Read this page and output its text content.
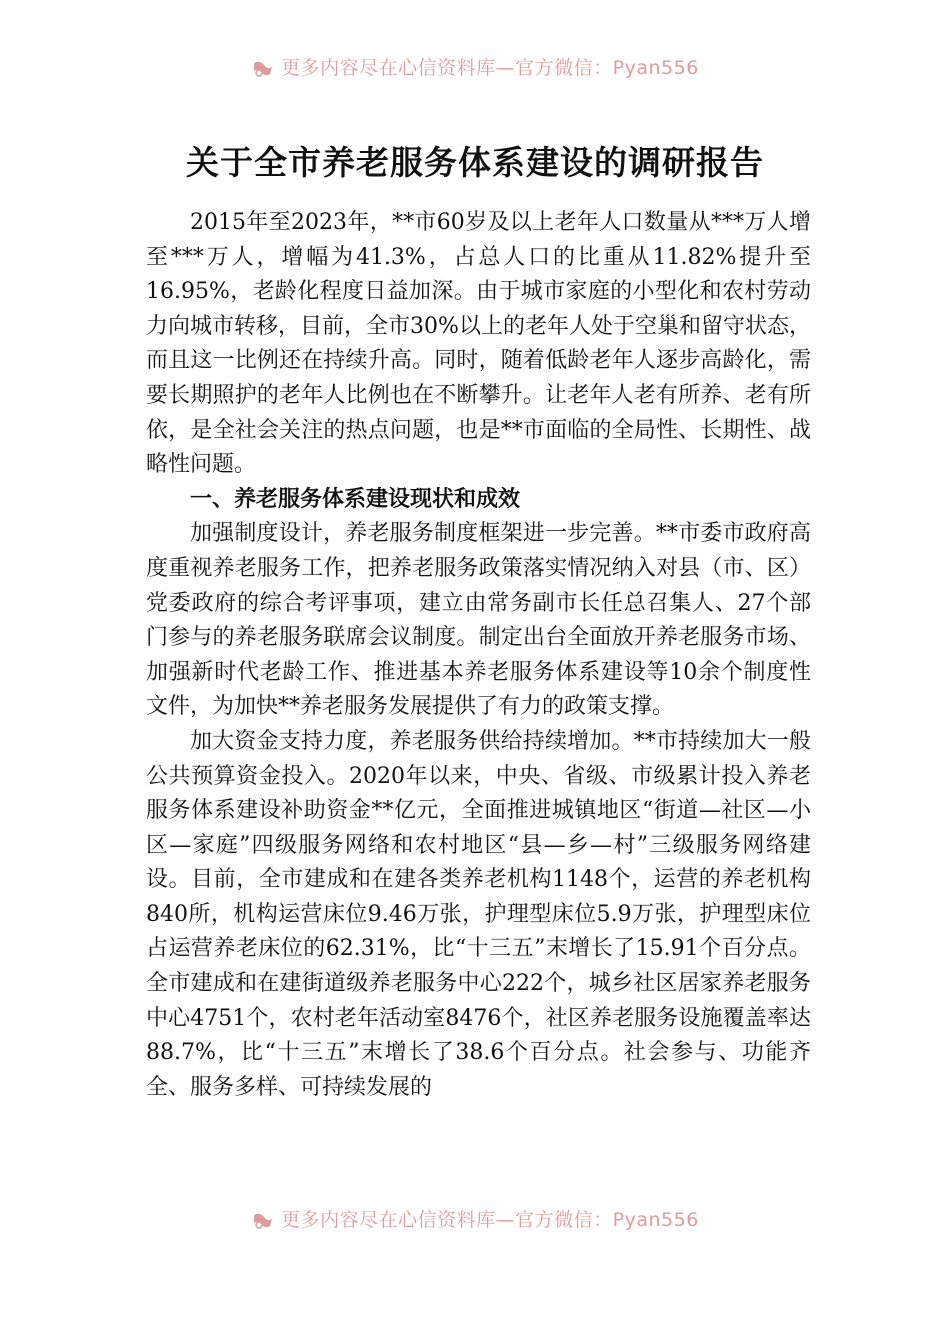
更多内容尽在心信资料库—官方微信：Pyan556
关于全市养老服务体系建设的调研报告

2015年至2023年，**市60岁及以上老年人口数量从***万人增至***万人，增幅为41.3%，占总人口的比重从11.82%提升至16.95%，老龄化程度日益加深。由于城市家庭的小型化和农村劳动力向城市转移，目前，全市30%以上的老年人处于空巢和留守状态，而且这一比例还在持续升高。同时，随着低龄老年人逐步高龄化，需要长期照护的老年人比例也在不断攀升。让老年人老有所养、老有所依，是全社会关注的热点问题，也是**市面临的全局性、长期性、战略性问题。

一、养老服务体系建设现状和成效

加强制度设计，养老服务制度框架进一步完善。**市委市政府高度重视养老服务工作，把养老服务政策落实情况纳入对县（市、区）党委政府的综合考评事项，建立由常务副市长任总召集人、27个部门参与的养老服务联席会议制度。制定出台全面放开养老服务市场、加强新时代老龄工作、推进基本养老服务体系建设等10余个制度性文件，为加快**养老服务发展提供了有力的政策支撑。

加大资金支持力度，养老服务供给持续增加。**市持续加大一般公共预算资金投入。2020年以来，中央、省级、市级累计投入养老服务体系建设补助资金**亿元，全面推进城镇地区“街道—社区—小区—家庭”四级服务网络和农村地区“县—乡—村”三级服务网络建设。目前，全市建成和在建各类养老机构1148个，运营的养老机构840所，机构运营床位9.46万张，护理型床位5.9万张，护理型床位占运营养老床位的62.31%，比“十三五”末增长了15.91个百分点。全市建成和在建街道级养老服务中心222个，城乡社区居家养老服务中心4751个，农村老年活动室8476个，社区养老服务设施覆盖率达88.7%，比“十三五”末增长了38.6个百分点。社会参与、功能齐全、服务多样、可持续发展的

更多内容尽在心信资料库—官方微信：Pyan556
